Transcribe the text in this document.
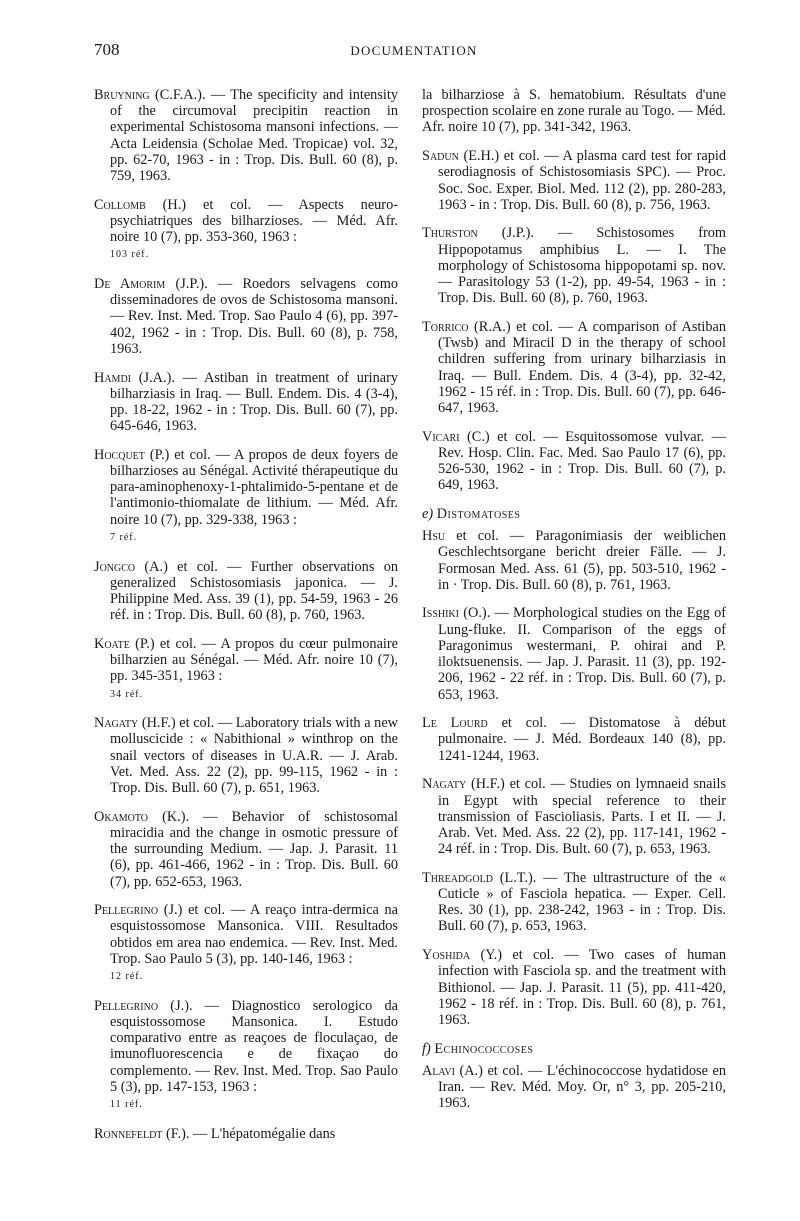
708	DOCUMENTATION

Bruyning (C.F.A.). — The specificity and intensity of the circumoval precipitin reaction in experimental Schistosoma mansoni infections. — Acta Leidensia (Scholae Med. Tropicae) vol. 32, pp. 62-70, 1963 - in : Trop. Dis. Bull. 60 (8), p. 759, 1963.

Collomb (H.) et col. — Aspects neuro-psychiatriques des bilharzioses. — Méd. Afr. noire 10 (7), pp. 353-360, 1963 :
103 réf.

De Amorim (J.P.). — Roedors selvagens como disseminadores de ovos de Schistosoma mansoni. — Rev. Inst. Med. Trop. Sao Paulo 4 (6), pp. 397-402, 1962 - in : Trop. Dis. Bull. 60 (8), p. 758, 1963.

Hamdi (J.A.). — Astiban in treatment of urinary bilharziasis in Iraq. — Bull. Endem. Dis. 4 (3-4), pp. 18-22, 1962 - in : Trop. Dis. Bull. 60 (7), pp. 645-646, 1963.

Hocquet (P.) et col. — A propos de deux foyers de bilharzioses au Sénégal. Activité thérapeutique du para-aminophenoxy-1-phtalimido-5-pentane et de l'antimonio-thiomalate de lithium. — Méd. Afr. noire 10 (7), pp. 329-338, 1963 :
7 réf.

Jongco (A.) et col. — Further observations on generalized Schistosomiasis japonica. — J. Philippine Med. Ass. 39 (1), pp. 54-59, 1963 - 26 réf. in : Trop. Dis. Bull. 60 (8), p. 760, 1963.

Koate (P.) et col. — A propos du cœur pulmonaire bilharzien au Sénégal. — Méd. Afr. noire 10 (7), pp. 345-351, 1963 :
34 réf.

Nagaty (H.F.) et col. — Laboratory trials with a new molluscicide : « Nabithional » winthrop on the snail vectors of diseases in U.A.R. — J. Arab. Vet. Med. Ass. 22 (2), pp. 99-115, 1962 - in : Trop. Dis. Bull. 60 (7), p. 651, 1963.

Okamoto (K.). — Behavior of schistosomal miracidia and the change in osmotic pressure of the surrounding Medium. — Jap. J. Parasit. 11 (6), pp. 461-466, 1962 - in : Trop. Dis. Bull. 60 (7), pp. 652-653, 1963.

Pellegrino (J.) et col. — A reaço intra-dermica na esquistossomose Mansonica. VIII. Resultados obtidos em area nao endemica. — Rev. Inst. Med. Trop. Sao Paulo 5 (3), pp. 140-146, 1963 :
12 réf.

Pellegrino (J.). — Diagnostico serologico da esquistossomose Mansonica. I. Estudo comparativo entre as reaçoes de floculaçao, de imunofluorescencia e de fixaçao do complemento. — Rev. Inst. Med. Trop. Sao Paulo 5 (3), pp. 147-153, 1963 :
11 réf.

Ronnefeldt (F.). — L'hépatomégalie dans

la bilharziose à S. hematobium. Résultats d'une prospection scolaire en zone rurale au Togo. — Méd. Afr. noire 10 (7), pp. 341-342, 1963.

Sadun (E.H.) et col. — A plasma card test for rapid serodiagnosis of Schistosomiasis SPC). — Proc. Soc. Soc. Exper. Biol. Med. 112 (2), pp. 280-283, 1963 - in : Trop. Dis. Bull. 60 (8), p. 756, 1963.

Thurston (J.P.). — Schistosomes from Hippopotamus amphibius L. — I. The morphology of Schistosoma hippopotami sp. nov. — Parasitology 53 (1-2), pp. 49-54, 1963 - in : Trop. Dis. Bull. 60 (8), p. 760, 1963.

Torrico (R.A.) et col. — A comparison of Astiban (Twsb) and Miracil D in the therapy of school children suffering from urinary bilharziasis in Iraq. — Bull. Endem. Dis. 4 (3-4), pp. 32-42, 1962 - 15 réf. in : Trop. Dis. Bull. 60 (7), pp. 646-647, 1963.

Vicari (C.) et col. — Esquitossomose vulvar. — Rev. Hosp. Clin. Fac. Med. Sao Paulo 17 (6), pp. 526-530, 1962 - in : Trop. Dis. Bull. 60 (7), p. 649, 1963.

e) Distomatoses

Hsu et col. — Paragonimiasis der weiblichen Geschlechtsorgane bericht dreier Fälle. — J. Formosan Med. Ass. 61 (5), pp. 503-510, 1962 - in · Trop. Dis. Bull. 60 (8), p. 761, 1963.

Isshiki (O.). — Morphological studies on the Egg of Lung-fluke. II. Comparison of the eggs of Paragonimus westermani, P. ohirai and P. iloktsuenensis. — Jap. J. Parasit. 11 (3), pp. 192-206, 1962 - 22 réf. in : Trop. Dis. Bull. 60 (7), p. 653, 1963.

Le Lourd et col. — Distomatose à début pulmonaire. — J. Méd. Bordeaux 140 (8), pp. 1241-1244, 1963.

Nagaty (H.F.) et col. — Studies on lymnaeid snails in Egypt with special reference to their transmission of Fascioliasis. Parts. I et II. — J. Arab. Vet. Med. Ass. 22 (2), pp. 117-141, 1962 - 24 réf. in : Trop. Dis. Bult. 60 (7), p. 653, 1963.

Threadgold (L.T.). — The ultrastructure of the « Cuticle » of Fasciola hepatica. — Exper. Cell. Res. 30 (1), pp. 238-242, 1963 - in : Trop. Dis. Bull. 60 (7), p. 653, 1963.

Yoshida (Y.) et col. — Two cases of human infection with Fasciola sp. and the treatment with Bithionol. — Jap. J. Parasit. 11 (5), pp. 411-420, 1962 - 18 réf. in : Trop. Dis. Bull. 60 (8), p. 761, 1963.

f) Echinococcoses

Alavi (A.) et col. — L'échinococcose hydatidose en Iran. — Rev. Méd. Moy. Or, n° 3, pp. 205-210, 1963.
